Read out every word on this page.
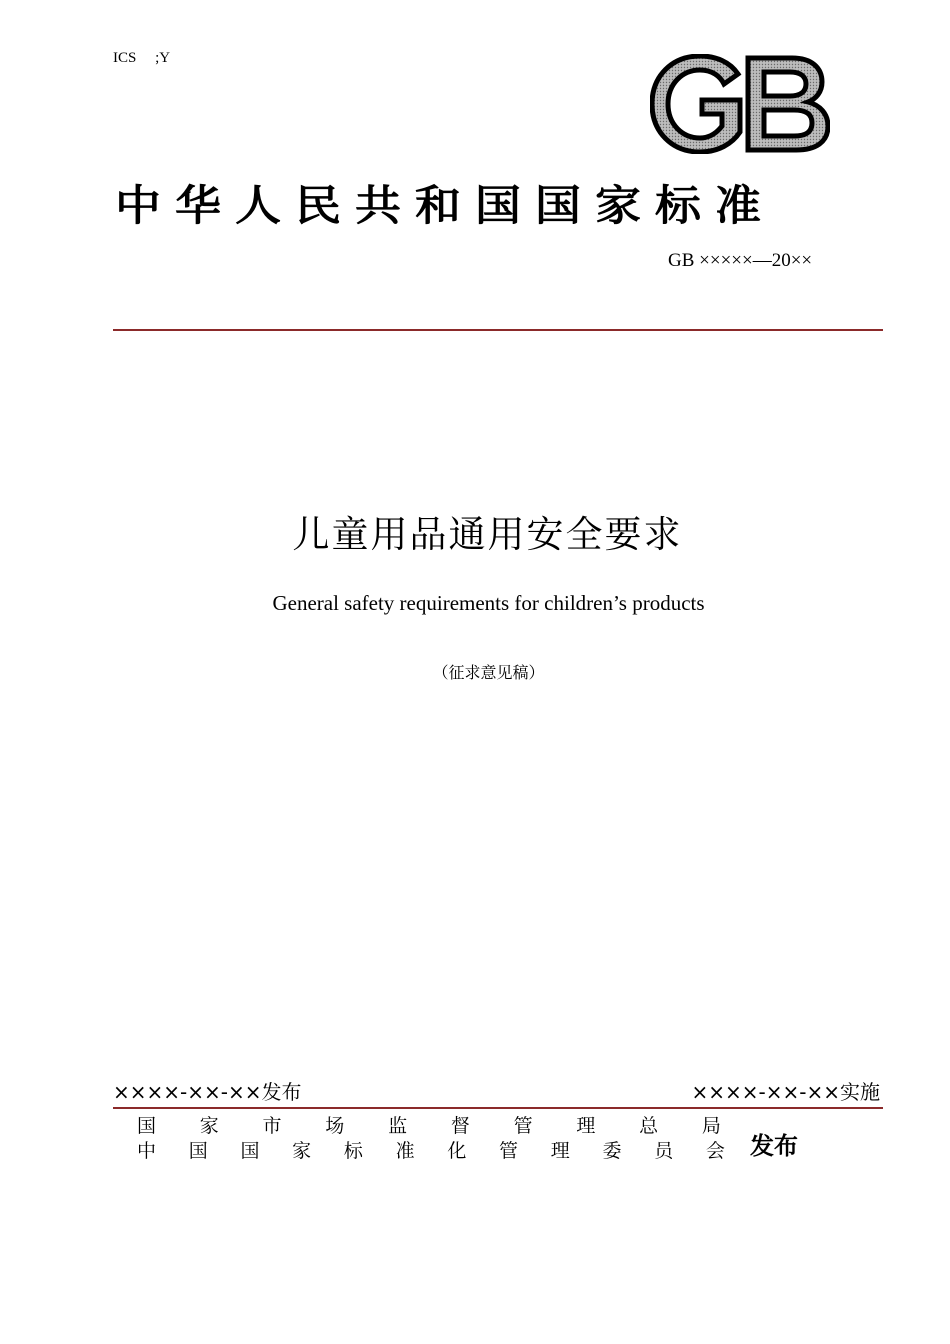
ICS     ;Y
中华人民共和国国家标准
GB ×××××—20××
儿童用品通用安全要求
General safety requirements for children’s products
（征求意见稿）
××××-××-××发布	××××-××-××实施
国 家 市 场 监 督 管 理 总 局
中 国 国 家 标 准 化 管 理 委 员 会 发布
